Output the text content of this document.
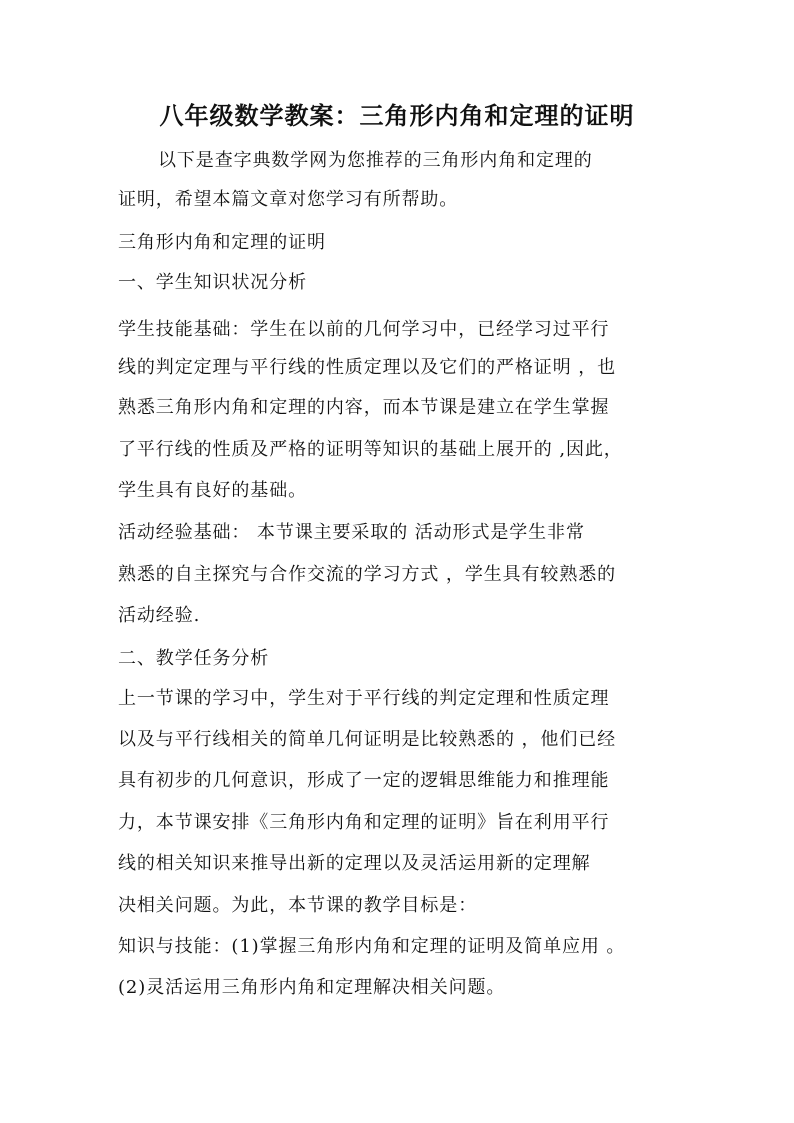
八年级数学教案：三角形内角和定理的证明
以下是查字典数学网为您推荐的三角形内角和定理的
证明，希望本篇文章对您学习有所帮助。
三角形内角和定理的证明
一、学生知识状况分析
学生技能基础：学生在以前的几何学习中，已经学习过平行
线的判定定理与平行线的性质定理以及它们的严格证明 ，也
熟悉三角形内角和定理的内容，而本节课是建立在学生掌握
了平行线的性质及严格的证明等知识的基础上展开的 ,因此，
学生具有良好的基础。
活动经验基础： 本节课主要采取的 活动形式是学生非常
熟悉的自主探究与合作交流的学习方式 ，学生具有较熟悉的
活动经验.
二、教学任务分析
上一节课的学习中，学生对于平行线的判定定理和性质定理
以及与平行线相关的简单几何证明是比较熟悉的 ，他们已经
具有初步的几何意识，形成了一定的逻辑思维能力和推理能
力，本节课安排《三角形内角和定理的证明》旨在利用平行
线的相关知识来推导出新的定理以及灵活运用新的定理解
决相关问题。为此，本节课的教学目标是：
知识与技能：(1)掌握三角形内角和定理的证明及简单应用 。
(2)灵活运用三角形内角和定理解决相关问题。
